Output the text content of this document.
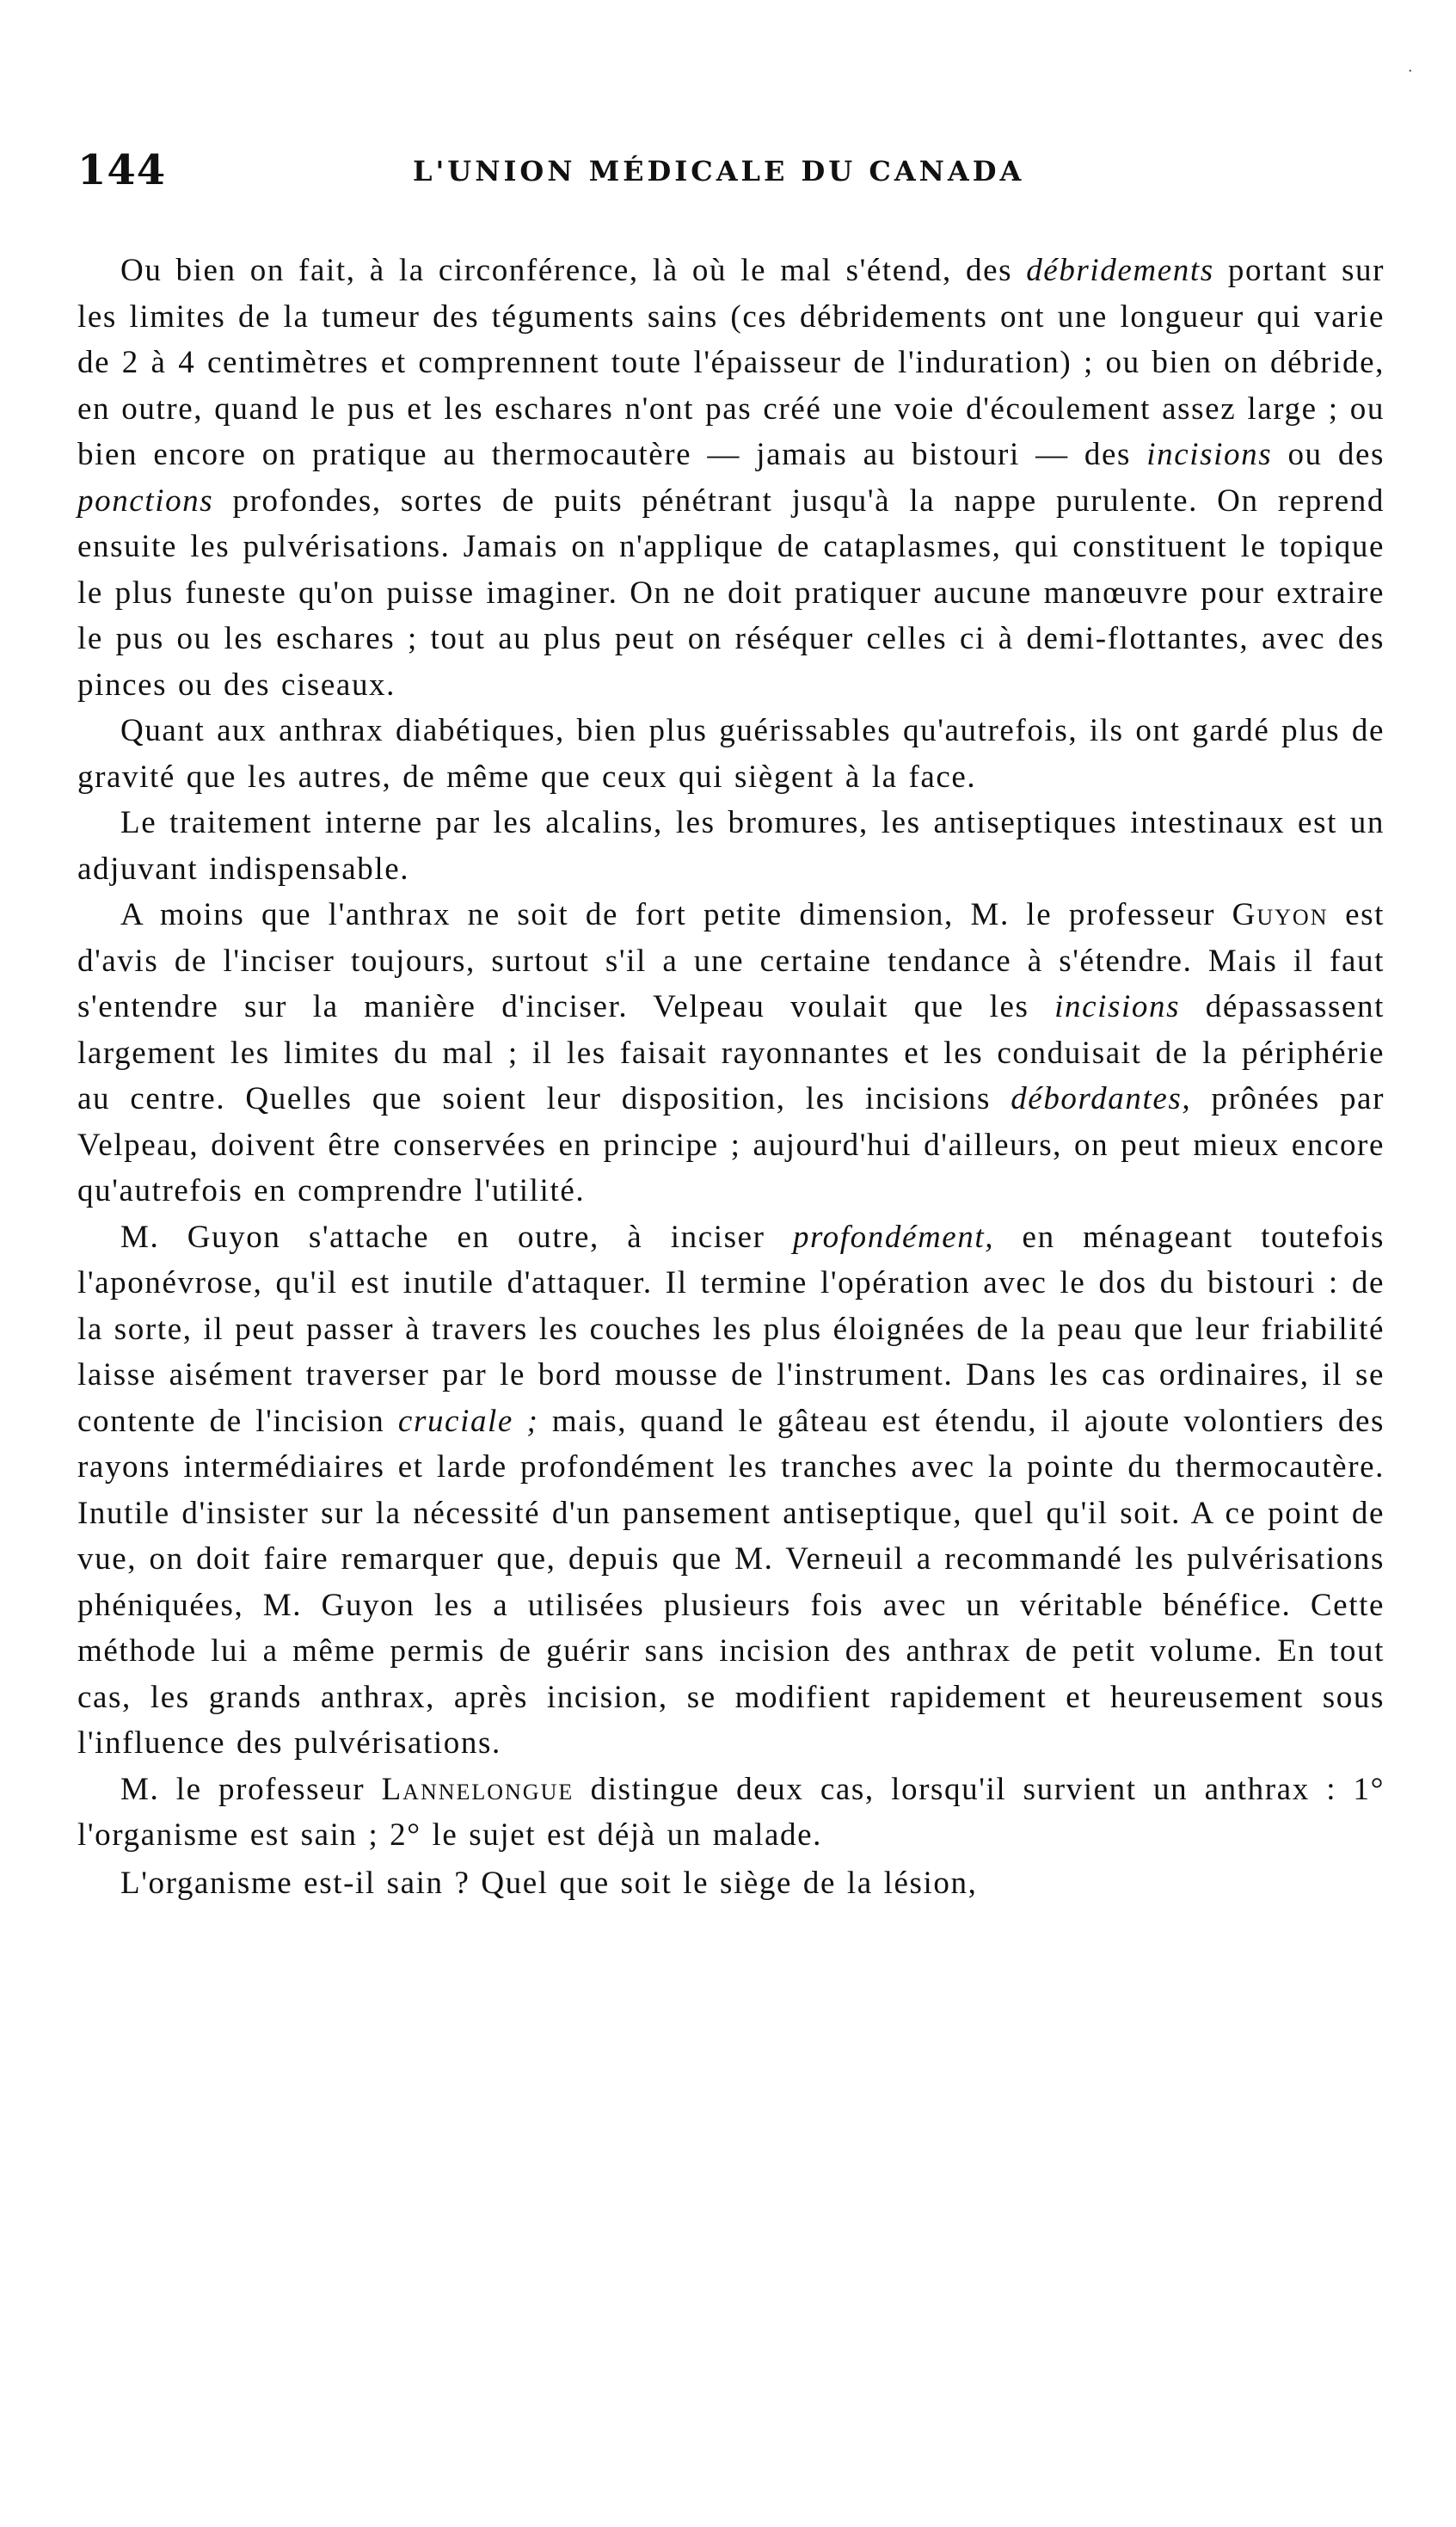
·
144	L'UNION MÉDICALE DU CANADA

Ou bien on fait, à la circonférence, là où le mal s'étend, des débridements portant sur les limites de la tumeur des téguments sains (ces débridements ont une longueur qui varie de 2 à 4 centimètres et comprennent toute l'épaisseur de l'induration) ; ou bien on débride, en outre, quand le pus et les eschares n'ont pas créé une voie d'écoulement assez large ; ou bien encore on pratique au thermocautère — jamais au bistouri — des incisions ou des ponctions profondes, sortes de puits pénétrant jusqu'à la nappe purulente. On reprend ensuite les pulvérisations. Jamais on n'applique de cataplasmes, qui constituent le topique le plus funeste qu'on puisse imaginer. On ne doit pratiquer aucune manœuvre pour extraire le pus ou les eschares ; tout au plus peut on réséquer celles ci à demi-flottantes, avec des pinces ou des ciseaux.

Quant aux anthrax diabétiques, bien plus guérissables qu'autrefois, ils ont gardé plus de gravité que les autres, de même que ceux qui siègent à la face.

Le traitement interne par les alcalins, les bromures, les antiseptiques intestinaux est un adjuvant indispensable.

A moins que l'anthrax ne soit de fort petite dimension, M. le professeur Guyon est d'avis de l'inciser toujours, surtout s'il a une certaine tendance à s'étendre. Mais il faut s'entendre sur la manière d'inciser. Velpeau voulait que les incisions dépassassent largement les limites du mal ; il les faisait rayonnantes et les conduisait de la périphérie au centre. Quelles que soient leur disposition, les incisions débordantes, prônées par Velpeau, doivent être conservées en principe ; aujourd'hui d'ailleurs, on peut mieux encore qu'autrefois en comprendre l'utilité.

M. Guyon s'attache en outre, à inciser profondément, en ménageant toutefois l'aponévrose, qu'il est inutile d'attaquer. Il termine l'opération avec le dos du bistouri : de la sorte, il peut passer à travers les couches les plus éloignées de la peau que leur friabilité laisse aisément traverser par le bord mousse de l'instrument. Dans les cas ordinaires, il se contente de l'incision cruciale ; mais, quand le gâteau est étendu, il ajoute volontiers des rayons intermédiaires et larde profondément les tranches avec la pointe du thermocautère. Inutile d'insister sur la nécessité d'un pansement antiseptique, quel qu'il soit. A ce point de vue, on doit faire remarquer que, depuis que M. Verneuil a recommandé les pulvérisations phéniquées, M. Guyon les a utilisées plusieurs fois avec un véritable bénéfice. Cette méthode lui a même permis de guérir sans incision des anthrax de petit volume. En tout cas, les grands anthrax, après incision, se modifient rapidement et heureusement sous l'influence des pulvérisations.

M. le professeur Lannelongue distingue deux cas, lorsqu'il survient un anthrax : 1° l'organisme est sain ; 2° le sujet est déjà un malade.

L'organisme est-il sain ? Quel que soit le siège de la lésion,
